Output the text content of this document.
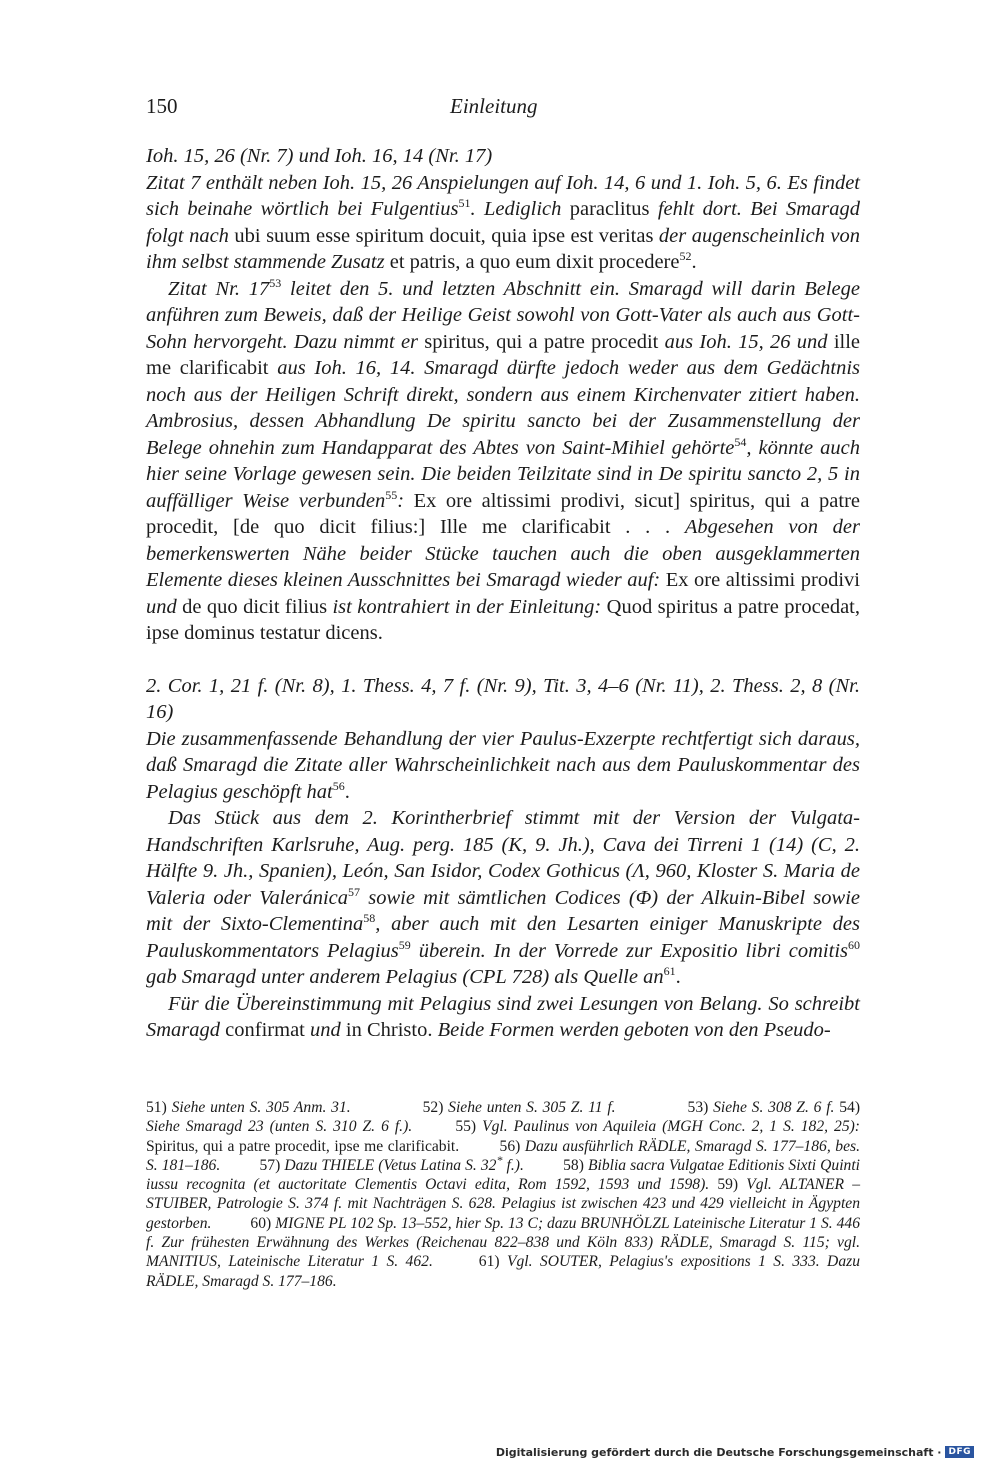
150	Einleitung

Ioh. 15, 26 (Nr. 7) und Ioh. 16, 14 (Nr. 17)

Zitat 7 enthält neben Ioh. 15, 26 Anspielungen auf Ioh. 14, 6 und 1. Ioh. 5, 6. Es findet sich beinahe wörtlich bei Fulgentius$^{51}$. Lediglich paraclitus fehlt dort. Bei Smaragd folgt nach ubi suum esse spiritum docuit, quia ipse est veritas der augenscheinlich von ihm selbst stammende Zusatz et patris, a quo eum dixit procedere$^{52}$.

Zitat Nr. $17^{53}$ leitet den 5. und letzten Abschnitt ein. Smaragd will darin Belege anführen zum Beweis, daß der Heilige Geist sowohl von Gott-Vater als auch aus Gott-Sohn hervorgeht. Dazu nimmt er spiritus, qui a patre procedit aus Ioh. 15, 26 und ille me clarificabit aus Ioh. 16, 14. Smaragd dürfte jedoch weder aus dem Gedächtnis noch aus der Heiligen Schrift direkt, sondern aus einem Kirchenvater zitiert haben. Ambrosius, dessen Abhandlung De spiritu sancto bei der Zusammenstellung der Belege ohnehin zum Handapparat des Abtes von Saint-Mihiel gehörte$^{54}$, könnte auch hier seine Vorlage gewesen sein. Die beiden Teilzitate sind in De spiritu sancto 2, 5 in auffälliger Weise verbunden$^{55}$: Ex ore altissimi prodivi, sicut] spiritus, qui a patre procedit, [de quo dicit filius:] Ille me clarificabit . . . Abgesehen von der bemerkenswerten Nähe beider Stücke tauchen auch die oben ausgeklammerten Elemente dieses kleinen Ausschnittes bei Smaragd wieder auf: Ex ore altissimi prodivi und de quo dicit filius ist kontrahiert in der Einleitung: Quod spiritus a patre procedat, ipse dominus testatur dicens.

2. Cor. 1, 21 f. (Nr. 8), 1. Thess. 4, 7 f. (Nr. 9), Tit. 3, 4–6 (Nr. 11), 2. Thess. 2, 8 (Nr. 16)

Die zusammenfassende Behandlung der vier Paulus-Exzerpte rechtfertigt sich daraus, daß Smaragd die Zitate aller Wahrscheinlichkeit nach aus dem Pauluskommentar des Pelagius geschöpft hat$^{56}$.

Das Stück aus dem 2. Korintherbrief stimmt mit der Version der Vulgata-Handschriften Karlsruhe, Aug. perg. 185 (K, 9. Jh.), Cava dei Tirreni 1 (14) (C, 2. Hälfte 9. Jh., Spanien), León, San Isidor, Codex Gothicus (Λ, 960, Kloster S. Maria de Valeria oder Valeránica$^{57}$ sowie mit sämtlichen Codices (Φ) der Alkuin-Bibel sowie mit der Sixto-Clementina$^{58}$, aber auch mit den Lesarten einiger Manuskripte des Pauluskommentators Pelagius$^{59}$ überein. In der Vorrede zur Expositio libri comitis$^{60}$ gab Smaragd unter anderem Pelagius (CPL 728) als Quelle $an^{61}$.

Für die Übereinstimmung mit Pelagius sind zwei Lesungen von Belang. So schreibt Smaragd confirmat und in Christo. Beide Formen werden geboten von den Pseudo-

51) Siehe unten S. 305 Anm. 31.      52) Siehe unten S. 305 Z. 11 f.      53) Siehe S. 308 Z. 6 f. 54) Siehe Smaragd 23 (unten S. 310 Z. 6 f.).    55) Vgl. Paulinus von Aquileia (MGH Conc. 2, 1 S. 182, 25): Spiritus, qui a patre procedit, ipse me clarificabit.    56) Dazu ausführlich RÄDLE, Smaragd S. 177–186, bes. S. 181–186.    57) Dazu THIELE (Vetus Latina S. 32* f.).    58) Biblia sacra Vulgatae Editionis Sixti Quinti iussu recognita (et auctoritate Clementis Octavi edita, Rom 1592, 1593 und 1598). 59) Vgl. ALTANER – STUIBER, Patrologie S. 374 f. mit Nachträgen S. 628. Pelagius ist zwischen 423 und 429 vielleicht in Ägypten gestorben.    60) MIGNE PL 102 Sp. 13–552, hier Sp. 13 C; dazu BRUNHÖLZL Lateinische Literatur 1 S. 446 f. Zur frühesten Erwähnung des Werkes (Reichenau 822–838 und Köln 833) RÄDLE, Smaragd S. 115; vgl. MANITIUS, Lateinische Literatur 1 S. 462.    61) Vgl. SOUTER, Pelagius's expositions 1 S. 333. Dazu RÄDLE, Smaragd S. 177–186.

Digitalisierung gefördert durch die Deutsche Forschungsgemeinschaft · DFG
